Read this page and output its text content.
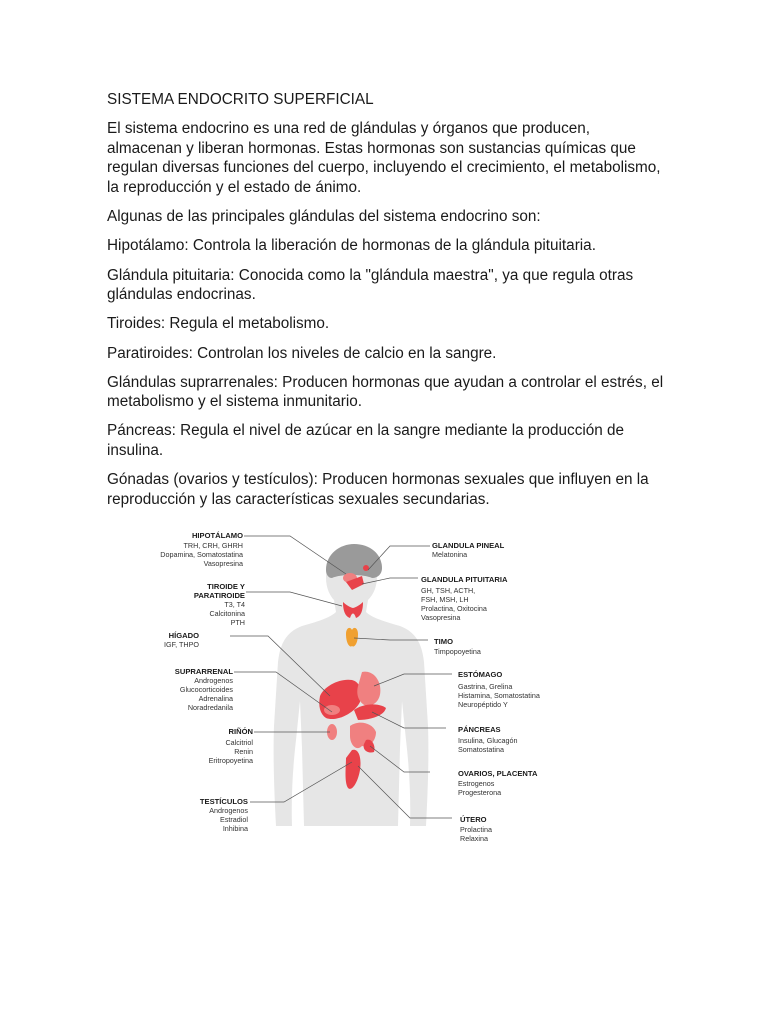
SISTEMA ENDOCRITO SUPERFICIAL

El sistema endocrino es una red de glándulas y órganos que producen, almacenan y liberan hormonas. Estas hormonas son sustancias químicas que regulan diversas funciones del cuerpo, incluyendo el crecimiento, el metabolismo, la reproducción y el estado de ánimo.

Algunas de las principales glándulas del sistema endocrino son:

Hipotálamo: Controla la liberación de hormonas de la glándula pituitaria.

Glándula pituitaria: Conocida como la "glándula maestra", ya que regula otras glándulas endocrinas.

Tiroides: Regula el metabolismo.

Paratiroides: Controlan los niveles de calcio en la sangre.

Glándulas suprarrenales: Producen hormonas que ayudan a controlar el estrés, el metabolismo y el sistema inmunitario.

Páncreas: Regula el nivel de azúcar en la sangre mediante la producción de insulina.

Gónadas (ovarios y testículos): Producen hormonas sexuales que influyen en la reproducción y las características sexuales secundarias.

HIPOTÁLAMO
TRH, CRH, GHRH
Dopamina, Somatostatina
Vasopresina
TIROIDE Y
PARATIROIDE
T3, T4
Calcitonina
PTH
HÍGADO
IGF, THPO
SUPRARRENAL
Androgenos
Glucocorticoides
Adrenalina
Noradredanila
RIÑÓN
Calcitriol
Renin
Eritropoyetina
TESTÍCULOS
Androgenos
Estradiol
Inhibina
GLANDULA PINEAL
Melatonina
GLANDULA PITUITARIA
GH, TSH, ACTH,
FSH, MSH, LH
Prolactina, Oxitocina
Vasopresina
TIMO
Timpopoyetina
ESTÓMAGO
Gastrina, Grelina
Histamina, Somatostatina
Neuropéptido Y
PÁNCREAS
Insulina, Glucagón
Somatostatina
OVARIOS, PLACENTA
Estrogenos
Progesterona
ÚTERO
Prolactina
Relaxina
